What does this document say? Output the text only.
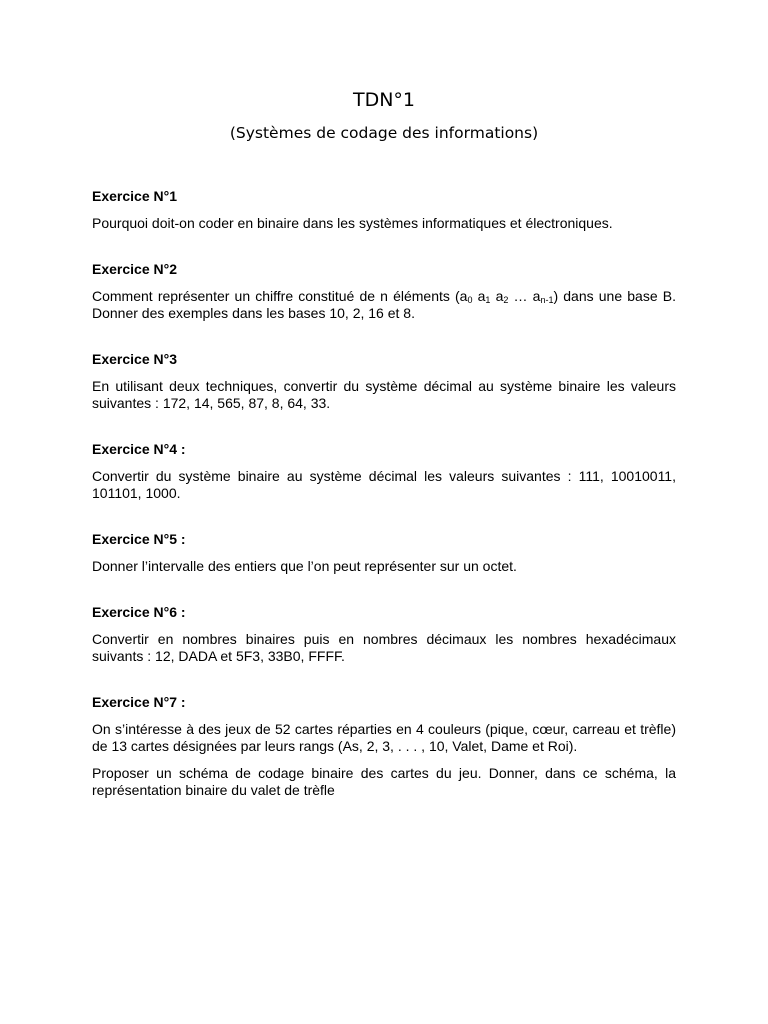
TDN°1
(Systèmes de codage des informations)

Exercice N°1

Pourquoi doit-on coder en binaire dans les systèmes informatiques et électroniques.

Exercice N°2

Comment représenter un chiffre constitué de n éléments ($a_0$ $a_1$ $a_2$ … $a_{n-1}$) dans une base B. Donner des exemples dans les bases 10, 2, 16 et 8.

Exercice N°3

En utilisant deux techniques, convertir du système décimal au système binaire les valeurs suivantes : 172, 14, 565, 87, 8, 64, 33.

Exercice N°4 :

Convertir du système binaire au système décimal les valeurs suivantes : 111, 10010011, 101101, 1000.

Exercice N°5 :

Donner l’intervalle des entiers que l’on peut représenter sur un octet.

Exercice N°6 :

Convertir en nombres binaires puis en nombres décimaux les nombres hexadécimaux suivants : 12, DADA et 5F3, 33B0, FFFF.

Exercice N°7 :

On s’intéresse à des jeux de 52 cartes réparties en 4 couleurs (pique, cœur, carreau et trèfle) de 13 cartes désignées par leurs rangs (As, 2, 3, . . . , 10, Valet, Dame et Roi).

Proposer un schéma de codage binaire des cartes du jeu. Donner, dans ce schéma, la représentation binaire du valet de trèfle
